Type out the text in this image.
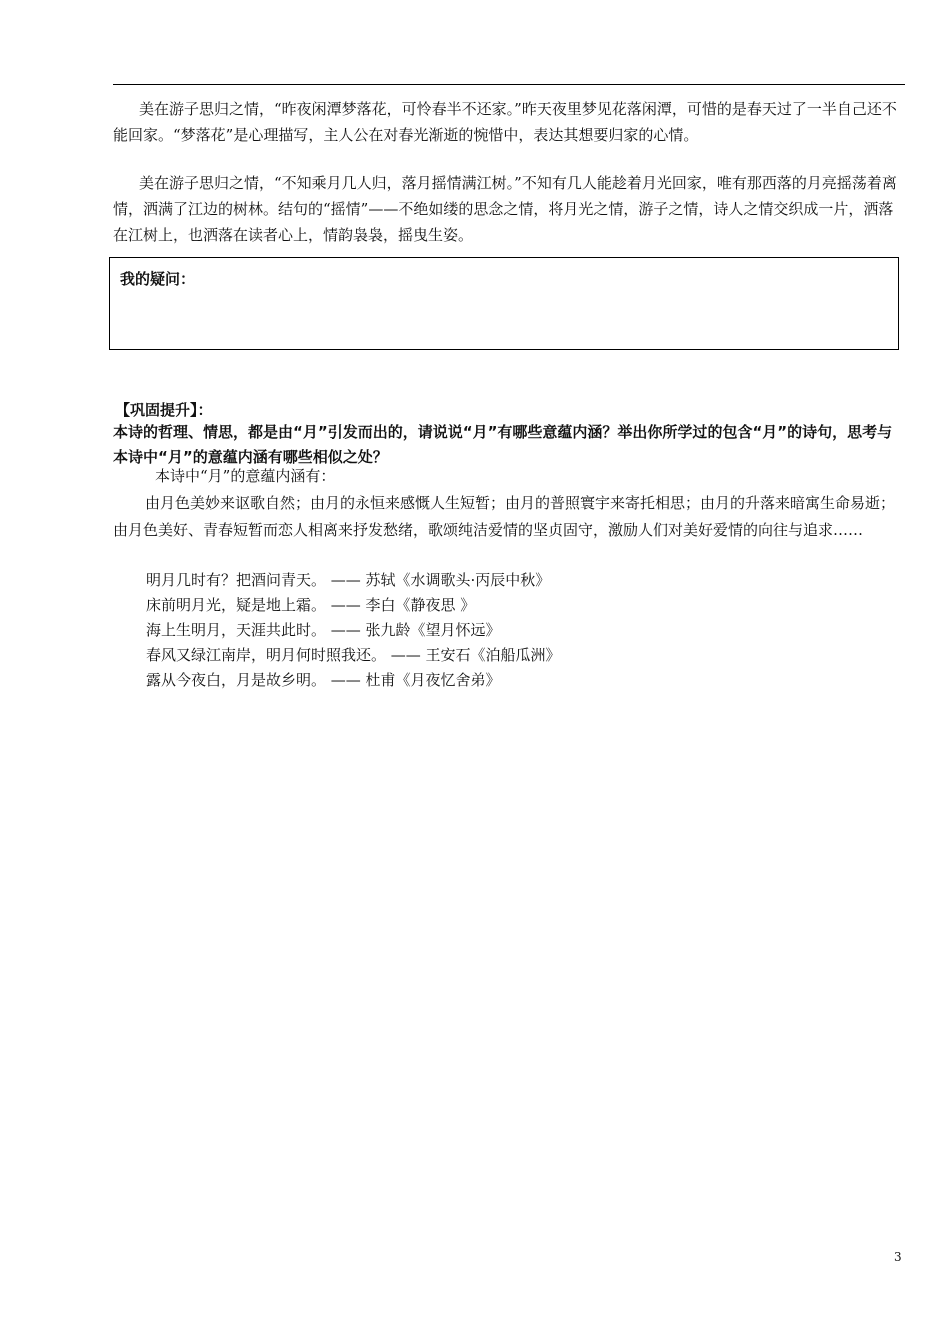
美在游子思归之情，“昨夜闲潭梦落花，可怜春半不还家。”昨天夜里梦见花落闲潭，可惜的是春天过了一半自己还不能回家。“梦落花”是心理描写，主人公在对春光渐逝的惋惜中，表达其想要归家的心情。

美在游子思归之情，“不知乘月几人归，落月摇情满江树。”不知有几人能趁着月光回家，唯有那西落的月亮摇荡着离情，洒满了江边的树林。结句的“摇情”——不绝如缕的思念之情，将月光之情，游子之情，诗人之情交织成一片，洒落在江树上，也洒落在读者心上，情韵袅袅，摇曳生姿。

我的疑问：
【巩固提升】：

本诗的哲理、情思，都是由“月”引发而出的，请说说“月”有哪些意蕴内涵？举出你所学过的包含“月”的诗句，思考与本诗中“月”的意蕴内涵有哪些相似之处？

本诗中“月”的意蕴内涵有：

由月色美妙来讴歌自然；由月的永恒来感慨人生短暂；由月的普照寰宇来寄托相思；由月的升落来暗寓生命易逝；由月色美好、青春短暂而恋人相离来抒发愁绪，歌颂纯洁爱情的坚贞固守，激励人们对美好爱情的向往与追求……

明月几时有？把酒问青天。 —— 苏轼《水调歌头·丙辰中秋》
床前明月光，疑是地上霜。 —— 李白《静夜思 》
海上生明月，天涯共此时。 —— 张九龄《望月怀远》
春风又绿江南岸，明月何时照我还。 —— 王安石《泊船瓜洲》
露从今夜白，月是故乡明。 —— 杜甫《月夜忆舍弟》
3
